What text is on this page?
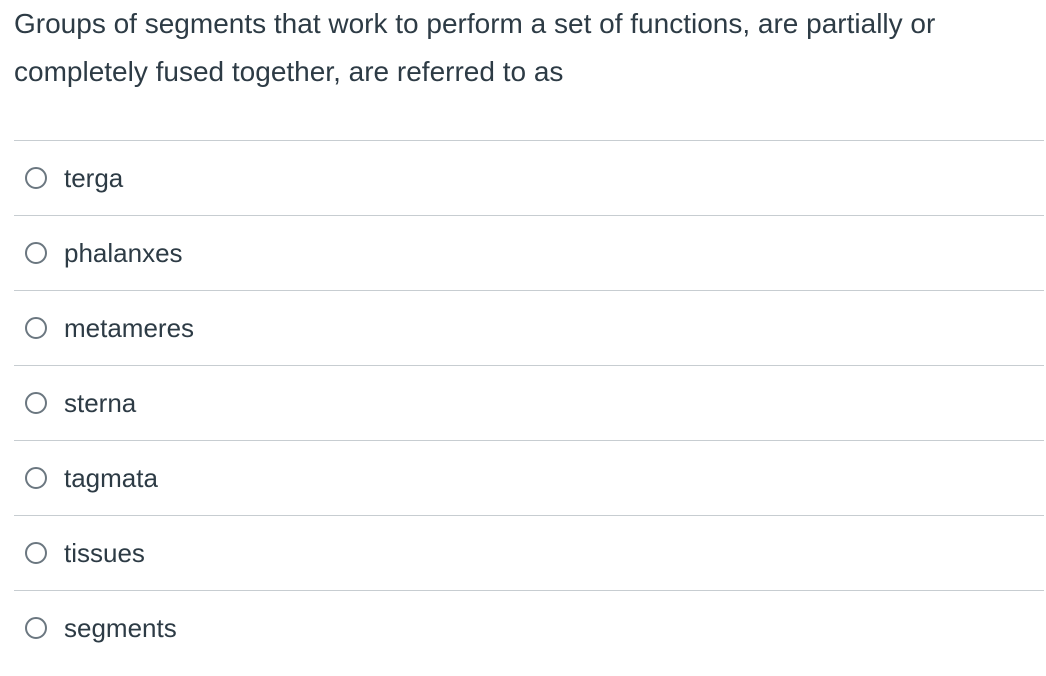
Groups of segments that work to perform a set of functions, are partially or completely fused together, are referred to as

terga
phalanxes
metameres
sterna
tagmata
tissues
segments
